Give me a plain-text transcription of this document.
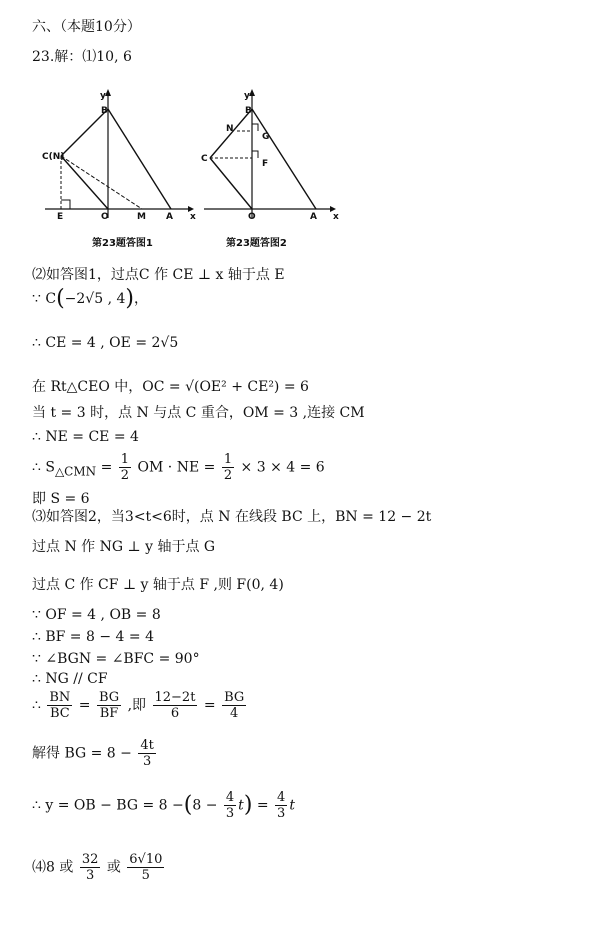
六、（本题10分）
23.解：⑴10, 6
y
x
B
C(N)
E	O	M A
第23题答图1
y
x
B
N
G
C	F
O	A
第23题答图2
⑵如答图1，过点C 作 CE ⊥ x 轴于点 E
∵ C(−2√5 , 4)，
∴ CE = 4 , OE = 2√5
在 Rt△CEO 中，OC = √(OE² + CE²) = 6
当 t = 3 时，点 N 与点 C 重合，OM = 3 ,连接 CM
∴ NE = CE = 4
∴ $S_{\triangle CMN} = \frac{1}{2}$ OM · NE = $\frac{1}{2} \times 3 \times 4 = 6$
即 S = 6
⑶如答图2，当3<t<6时，点 N 在线段 BC 上，BN = 12 − 2t
过点 N 作 NG ⊥ y 轴于点 G
过点 C 作 CF ⊥ y 轴于点 F ,则 F(0, 4)
∵ OF = 4 , OB = 8
∴ BF = 8 − 4 = 4
∵ ∠BGN = ∠BFC = 90°
∴ NG // CF
∴ $\frac{BN}{BC} = \frac{BG}{BF}$ ,即 $\frac{12-2t}{6} = \frac{BG}{4}$
解得 BG = $8 - \frac{4t}{3}$
∴ y = OB − BG = $8 -(8 - \frac{4}{3} t) = \frac{4}{3}$ t
⑷8 或 $\frac{32}{3}$ 或 $\frac{6√10}{5}$
